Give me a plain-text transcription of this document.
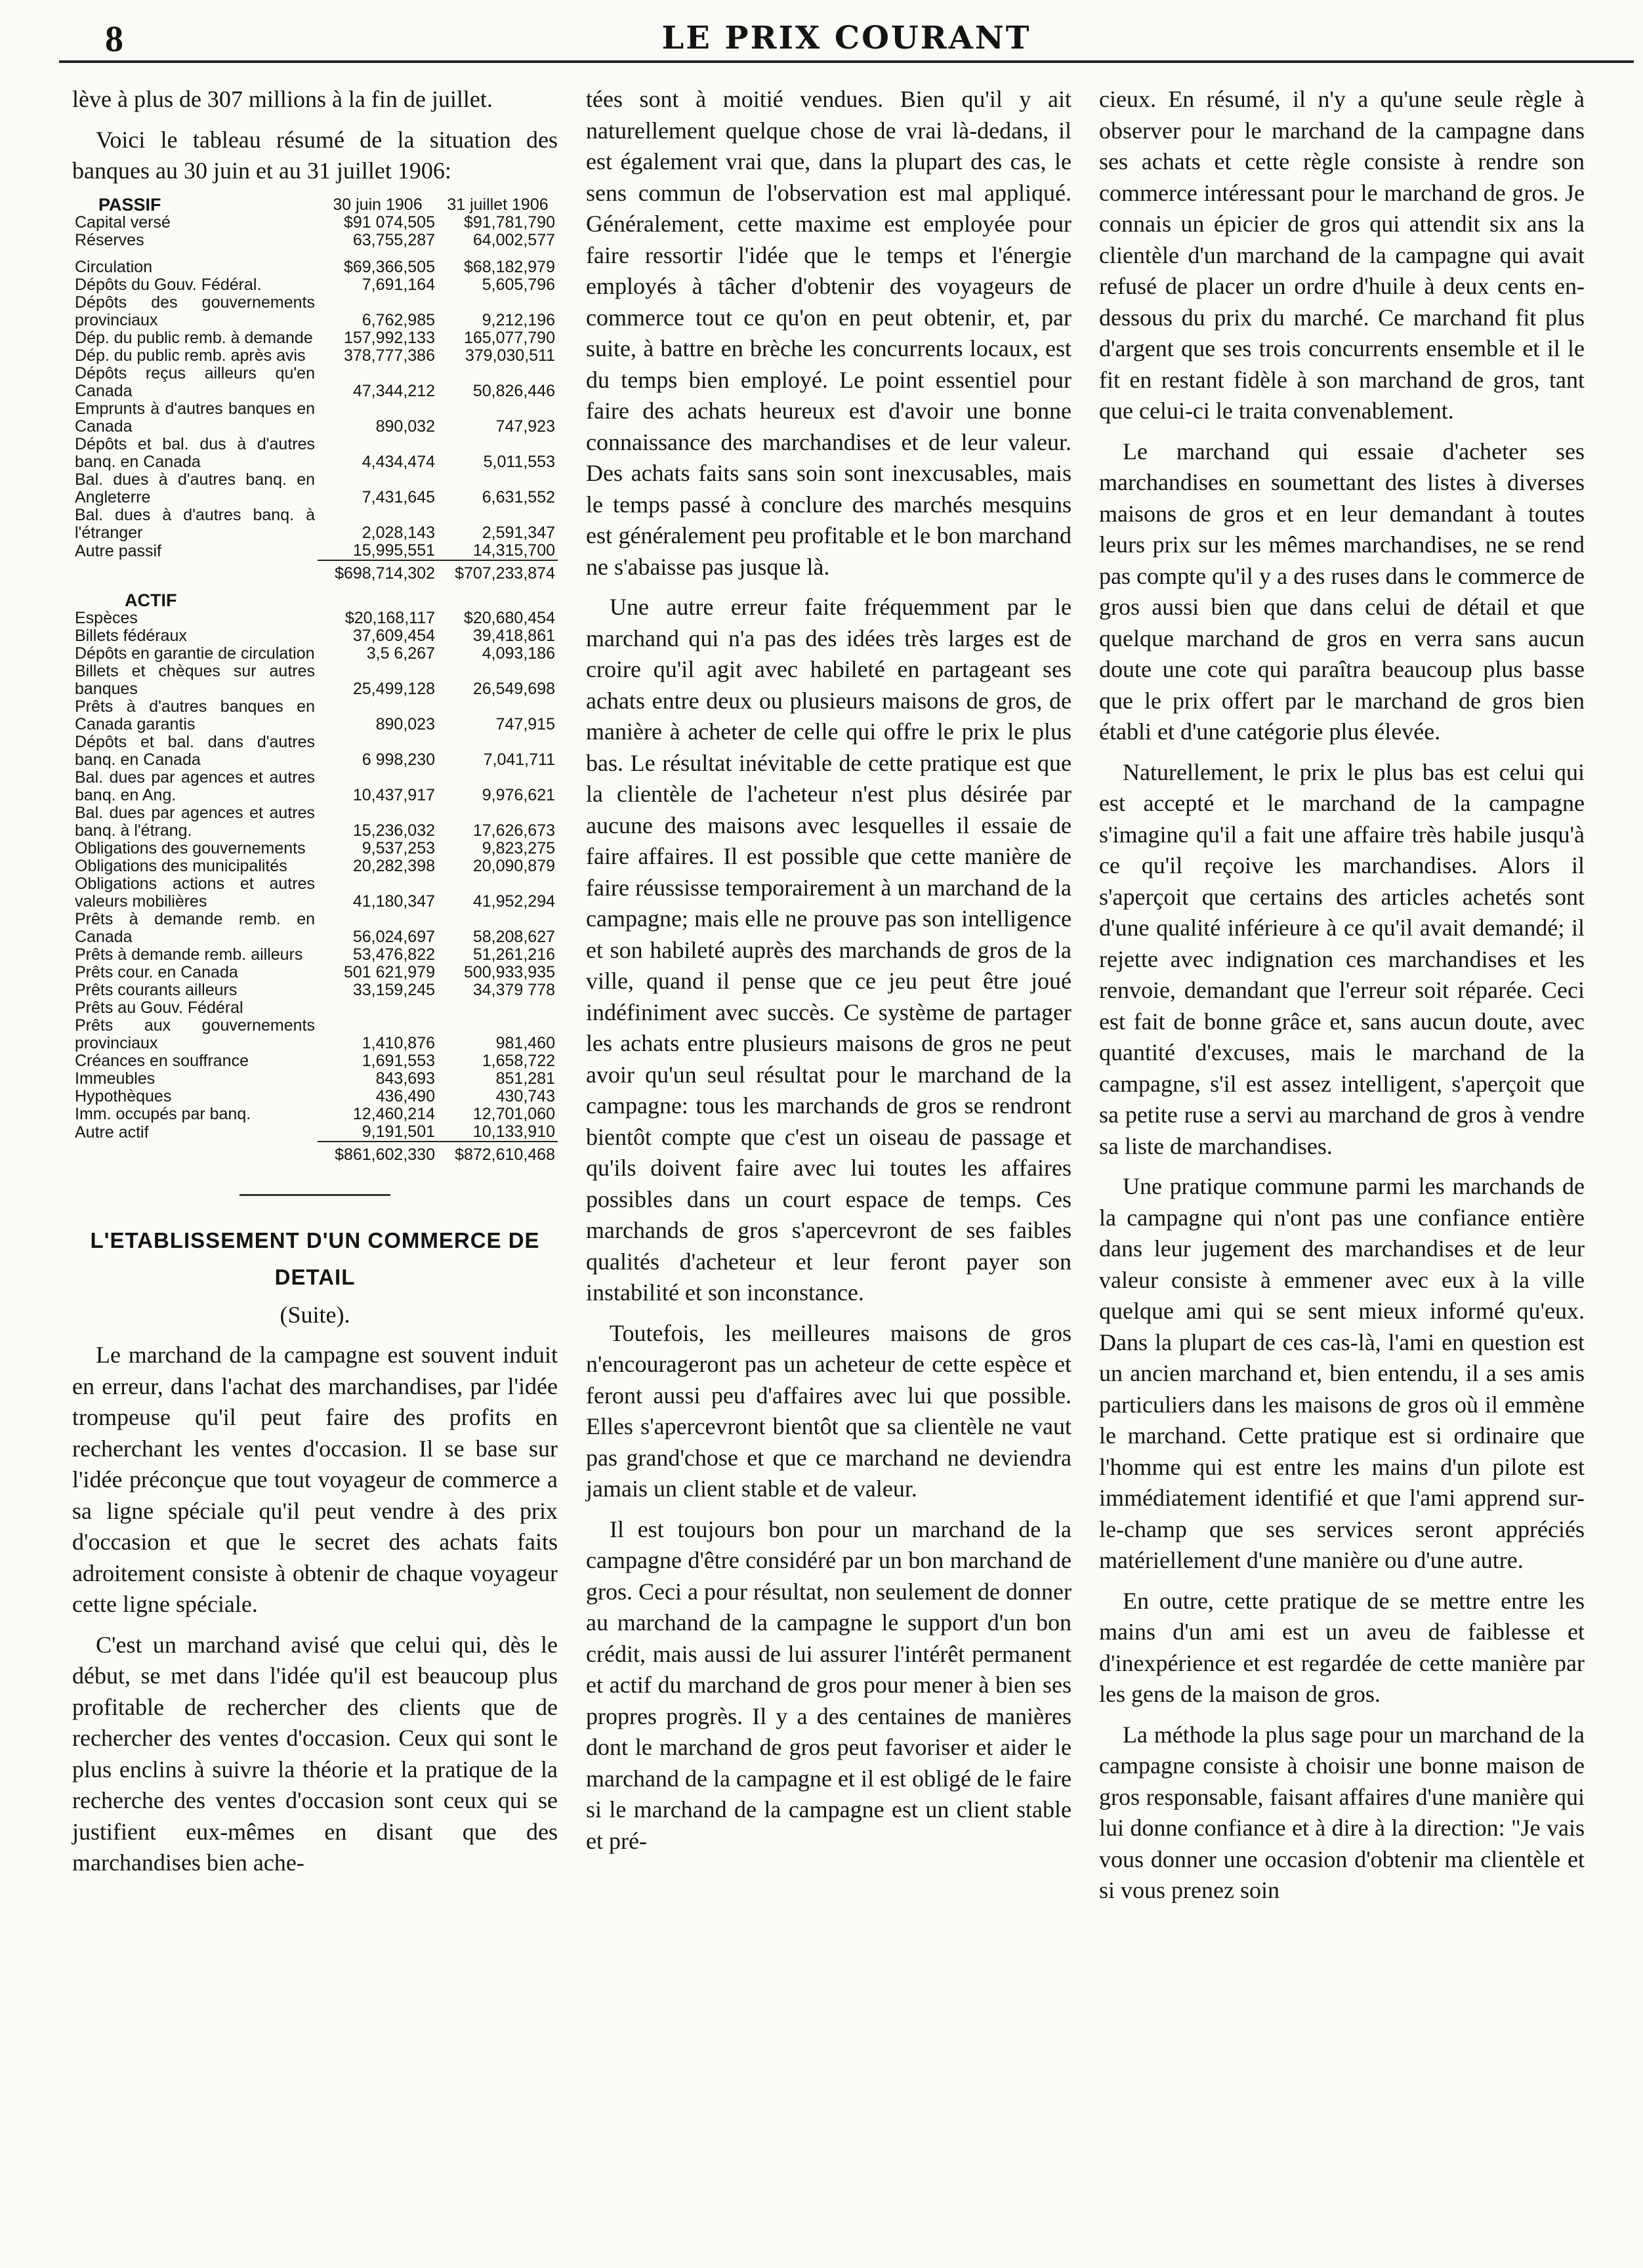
8	LE PRIX COURANT

lève à plus de 307 millions à la fin de juillet.

Voici le tableau résumé de la situation des banques au 30 juin et au 31 juillet 1906:

PASSIF	30 juin 1906	31 juillet 1906
Capital versé	$91 074,505	$91,781,790
Réserves	63,755,287	64,002,577

Circulation	$69,366,505	$68,182,979
Dépôts du Gouv. Fédéral.	7,691,164	5,605,796
Dépôts des gouvernements provinciaux	6,762,985	9,212,196
Dép. du public remb. à demande	157,992,133	165,077,790
Dép. du public remb. après avis	378,777,386	379,030,511
Dépôts reçus ailleurs qu'en Canada	47,344,212	50,826,446
Emprunts à d'autres banques en Canada	890,032	747,923
Dépôts et bal. dus à d'autres banq. en Canada	4,434,474	5,011,553
Bal. dues à d'autres banq. en Angleterre	7,431,645	6,631,552
Bal. dues à d'autres banq. à l'étranger	2,028,143	2,591,347
Autre passif	15,995,551	14,315,700
	$698,714,302	$707,233,874

ACTIF		
Espèces	$20,168,117	$20,680,454
Billets fédéraux	37,609,454	39,418,861
Dépôts en garantie de circulation	3,5 6,267	4,093,186
Billets et chèques sur autres banques	25,499,128	26,549,698
Prêts à d'autres banques en Canada garantis	890,023	747,915
Dépôts et bal. dans d'autres banq. en Canada	6 998,230	7,041,711
Bal. dues par agences et autres banq. en Ang.	10,437,917	9,976,621
Bal. dues par agences et autres banq. à l'étrang.	15,236,032	17,626,673
Obligations des gouvernements	9,537,253	9,823,275
Obligations des municipalités	20,282,398	20,090,879
Obligations actions et autres valeurs mobilières	41,180,347	41,952,294
Prêts à demande remb. en Canada	56,024,697	58,208,627
Prêts à demande remb. ailleurs	53,476,822	51,261,216
Prêts cour. en Canada	501 621,979	500,933,935
Prêts courants ailleurs	33,159,245	34,379 778
Prêts au Gouv. Fédéral		
Prêts aux gouvernements provinciaux	1,410,876	981,460
Créances en souffrance	1,691,553	1,658,722
Immeubles	843,693	851,281
Hypothèques	436,490	430,743
Imm. occupés par banq.	12,460,214	12,701,060
Autre actif	9,191,501	10,133,910
	$861,602,330	$872,610,468
L'ETABLISSEMENT D'UN COMMERCE DE DETAIL
(Suite).

Le marchand de la campagne est souvent induit en erreur, dans l'achat des marchandises, par l'idée trompeuse qu'il peut faire des profits en recherchant les ventes d'occasion. Il se base sur l'idée préconçue que tout voyageur de commerce a sa ligne spéciale qu'il peut vendre à des prix d'occasion et que le secret des achats faits adroitement consiste à obtenir de chaque voyageur cette ligne spéciale.

C'est un marchand avisé que celui qui, dès le début, se met dans l'idée qu'il est beaucoup plus profitable de rechercher des clients que de rechercher des ventes d'occasion. Ceux qui sont le plus enclins à suivre la théorie et la pratique de la recherche des ventes d'occasion sont ceux qui se justifient eux-mêmes en disant que des marchandises bien ache-

tées sont à moitié vendues. Bien qu'il y ait naturellement quelque chose de vrai là-dedans, il est également vrai que, dans la plupart des cas, le sens commun de l'observation est mal appliqué. Généralement, cette maxime est employée pour faire ressortir l'idée que le temps et l'énergie employés à tâcher d'obtenir des voyageurs de commerce tout ce qu'on en peut obtenir, et, par suite, à battre en brèche les concurrents locaux, est du temps bien employé. Le point essentiel pour faire des achats heureux est d'avoir une bonne connaissance des marchandises et de leur valeur. Des achats faits sans soin sont inexcusables, mais le temps passé à conclure des marchés mesquins est généralement peu profitable et le bon marchand ne s'abaisse pas jusque là.

Une autre erreur faite fréquemment par le marchand qui n'a pas des idées très larges est de croire qu'il agit avec habileté en partageant ses achats entre deux ou plusieurs maisons de gros, de manière à acheter de celle qui offre le prix le plus bas. Le résultat inévitable de cette pratique est que la clientèle de l'acheteur n'est plus désirée par aucune des maisons avec lesquelles il essaie de faire affaires. Il est possible que cette manière de faire réussisse temporairement à un marchand de la campagne; mais elle ne prouve pas son intelligence et son habileté auprès des marchands de gros de la ville, quand il pense que ce jeu peut être joué indéfiniment avec succès. Ce système de partager les achats entre plusieurs maisons de gros ne peut avoir qu'un seul résultat pour le marchand de la campagne: tous les marchands de gros se rendront bientôt compte que c'est un oiseau de passage et qu'ils doivent faire avec lui toutes les affaires possibles dans un court espace de temps. Ces marchands de gros s'apercevront de ses faibles qualités d'acheteur et leur feront payer son instabilité et son inconstance.

Toutefois, les meilleures maisons de gros n'encourageront pas un acheteur de cette espèce et feront aussi peu d'affaires avec lui que possible. Elles s'apercevront bientôt que sa clientèle ne vaut pas grand'chose et que ce marchand ne deviendra jamais un client stable et de valeur.

Il est toujours bon pour un marchand de la campagne d'être considéré par un bon marchand de gros. Ceci a pour résultat, non seulement de donner au marchand de la campagne le support d'un bon crédit, mais aussi de lui assurer l'intérêt permanent et actif du marchand de gros pour mener à bien ses propres progrès. Il y a des centaines de manières dont le marchand de gros peut favoriser et aider le marchand de la campagne et il est obligé de le faire si le marchand de la campagne est un client stable et pré-

cieux. En résumé, il n'y a qu'une seule règle à observer pour le marchand de la campagne dans ses achats et cette règle consiste à rendre son commerce intéressant pour le marchand de gros. Je connais un épicier de gros qui attendit six ans la clientèle d'un marchand de la campagne qui avait refusé de placer un ordre d'huile à deux cents en-dessous du prix du marché. Ce marchand fit plus d'argent que ses trois concurrents ensemble et il le fit en restant fidèle à son marchand de gros, tant que celui-ci le traita convenablement.

Le marchand qui essaie d'acheter ses marchandises en soumettant des listes à diverses maisons de gros et en leur demandant à toutes leurs prix sur les mêmes marchandises, ne se rend pas compte qu'il y a des ruses dans le commerce de gros aussi bien que dans celui de détail et que quelque marchand de gros en verra sans aucun doute une cote qui paraîtra beaucoup plus basse que le prix offert par le marchand de gros bien établi et d'une catégorie plus élevée.

Naturellement, le prix le plus bas est celui qui est accepté et le marchand de la campagne s'imagine qu'il a fait une affaire très habile jusqu'à ce qu'il reçoive les marchandises. Alors il s'aperçoit que certains des articles achetés sont d'une qualité inférieure à ce qu'il avait demandé; il rejette avec indignation ces marchandises et les renvoie, demandant que l'erreur soit réparée. Ceci est fait de bonne grâce et, sans aucun doute, avec quantité d'excuses, mais le marchand de la campagne, s'il est assez intelligent, s'aperçoit que sa petite ruse a servi au marchand de gros à vendre sa liste de marchandises.

Une pratique commune parmi les marchands de la campagne qui n'ont pas une confiance entière dans leur jugement des marchandises et de leur valeur consiste à emmener avec eux à la ville quelque ami qui se sent mieux informé qu'eux. Dans la plupart de ces cas-là, l'ami en question est un ancien marchand et, bien entendu, il a ses amis particuliers dans les maisons de gros où il emmène le marchand. Cette pratique est si ordinaire que l'homme qui est entre les mains d'un pilote est immédiatement identifié et que l'ami apprend sur-le-champ que ses services seront appréciés matériellement d'une manière ou d'une autre.

En outre, cette pratique de se mettre entre les mains d'un ami est un aveu de faiblesse et d'inexpérience et est regardée de cette manière par les gens de la maison de gros.

La méthode la plus sage pour un marchand de la campagne consiste à choisir une bonne maison de gros responsable, faisant affaires d'une manière qui lui donne confiance et à dire à la direction: "Je vais vous donner une occasion d'obtenir ma clientèle et si vous prenez soin
